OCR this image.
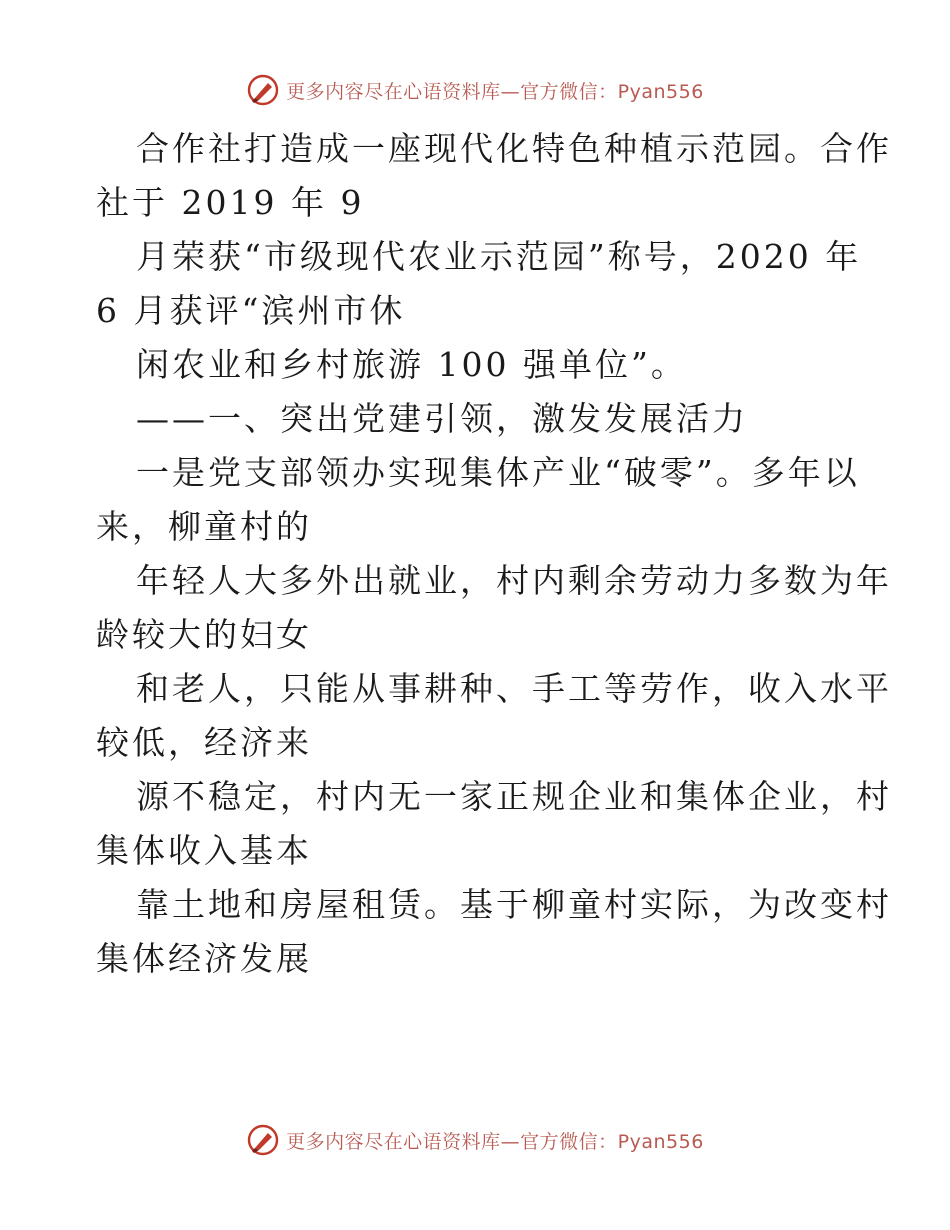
更多内容尽在心语资料库—官方微信：Pyan556
合作社打造成一座现代化特色种植示范园。合作
社于 2019 年 9
月荣获“市级现代农业示范园”称号，2020 年
6 月获评“滨州市休
闲农业和乡村旅游 100 强单位”。
——一、突出党建引领，激发发展活力
一是党支部领办实现集体产业“破零”。多年以
来，柳童村的
年轻人大多外出就业，村内剩余劳动力多数为年
龄较大的妇女
和老人，只能从事耕种、手工等劳作，收入水平
较低，经济来
源不稳定，村内无一家正规企业和集体企业，村
集体收入基本
靠土地和房屋租赁。基于柳童村实际，为改变村
集体经济发展
更多内容尽在心语资料库—官方微信：Pyan556
